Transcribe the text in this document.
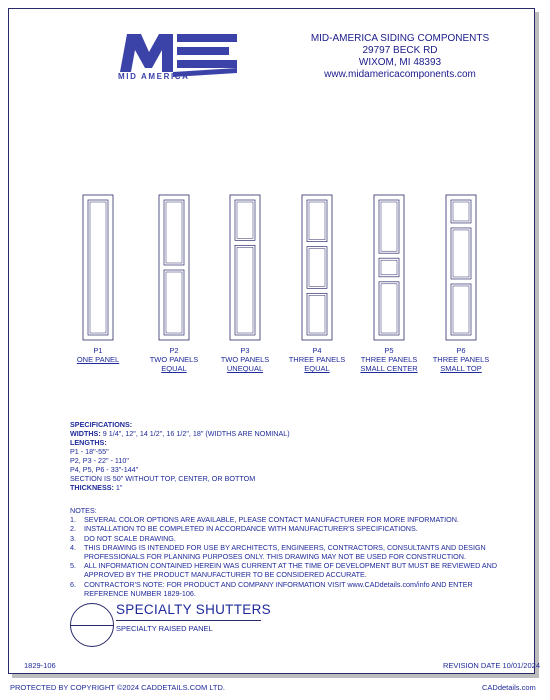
MID AMERICA
MID-AMERICA SIDING COMPONENTS
29797 BECK RD
WIXOM, MI 48393
www.midamericacomponents.com
P1
ONE PANEL
P2
TWO PANELS
EQUAL
P3
TWO PANELS
UNEQUAL
P4
THREE PANELS
EQUAL
P5
THREE PANELS
SMALL CENTER
P6
THREE PANELS
SMALL TOP
SPECIFICATIONS:
WIDTHS: 9 1/4", 12", 14 1/2", 16 1/2", 18" (WIDTHS ARE NOMINAL)
LENGTHS:
P1 - 18"-55"
P2, P3 - 22" - 110"
P4, P5, P6 - 33"-144"
SECTION IS 50" WITHOUT TOP, CENTER, OR BOTTOM
THICKNESS: 1"
NOTES:
1.	SEVERAL COLOR OPTIONS ARE AVAILABLE, PLEASE CONTACT MANUFACTURER FOR MORE INFORMATION.
2.	INSTALLATION TO BE COMPLETED IN ACCORDANCE WITH MANUFACTURER'S SPECIFICATIONS.
3.	DO NOT SCALE DRAWING.
4.	THIS DRAWING IS INTENDED FOR USE BY ARCHITECTS, ENGINEERS, CONTRACTORS, CONSULTANTS AND DESIGN PROFESSIONALS FOR PLANNING PURPOSES ONLY. THIS DRAWING MAY NOT BE USED FOR CONSTRUCTION.
5.	ALL INFORMATION CONTAINED HEREIN WAS CURRENT AT THE TIME OF DEVELOPMENT BUT MUST BE REVIEWED AND APPROVED BY THE PRODUCT MANUFACTURER TO BE CONSIDERED ACCURATE.
6.	CONTRACTOR'S NOTE: FOR PRODUCT AND COMPANY INFORMATION VISIT www.CADdetails.com/info AND ENTER REFERENCE NUMBER 1829-106.
SPECIALTY SHUTTERS
SPECIALTY RAISED PANEL
1829-106	REVISION DATE 10/01/2024
PROTECTED BY COPYRIGHT ©2024 CADDETAILS.COM LTD.	CADdetails.com
